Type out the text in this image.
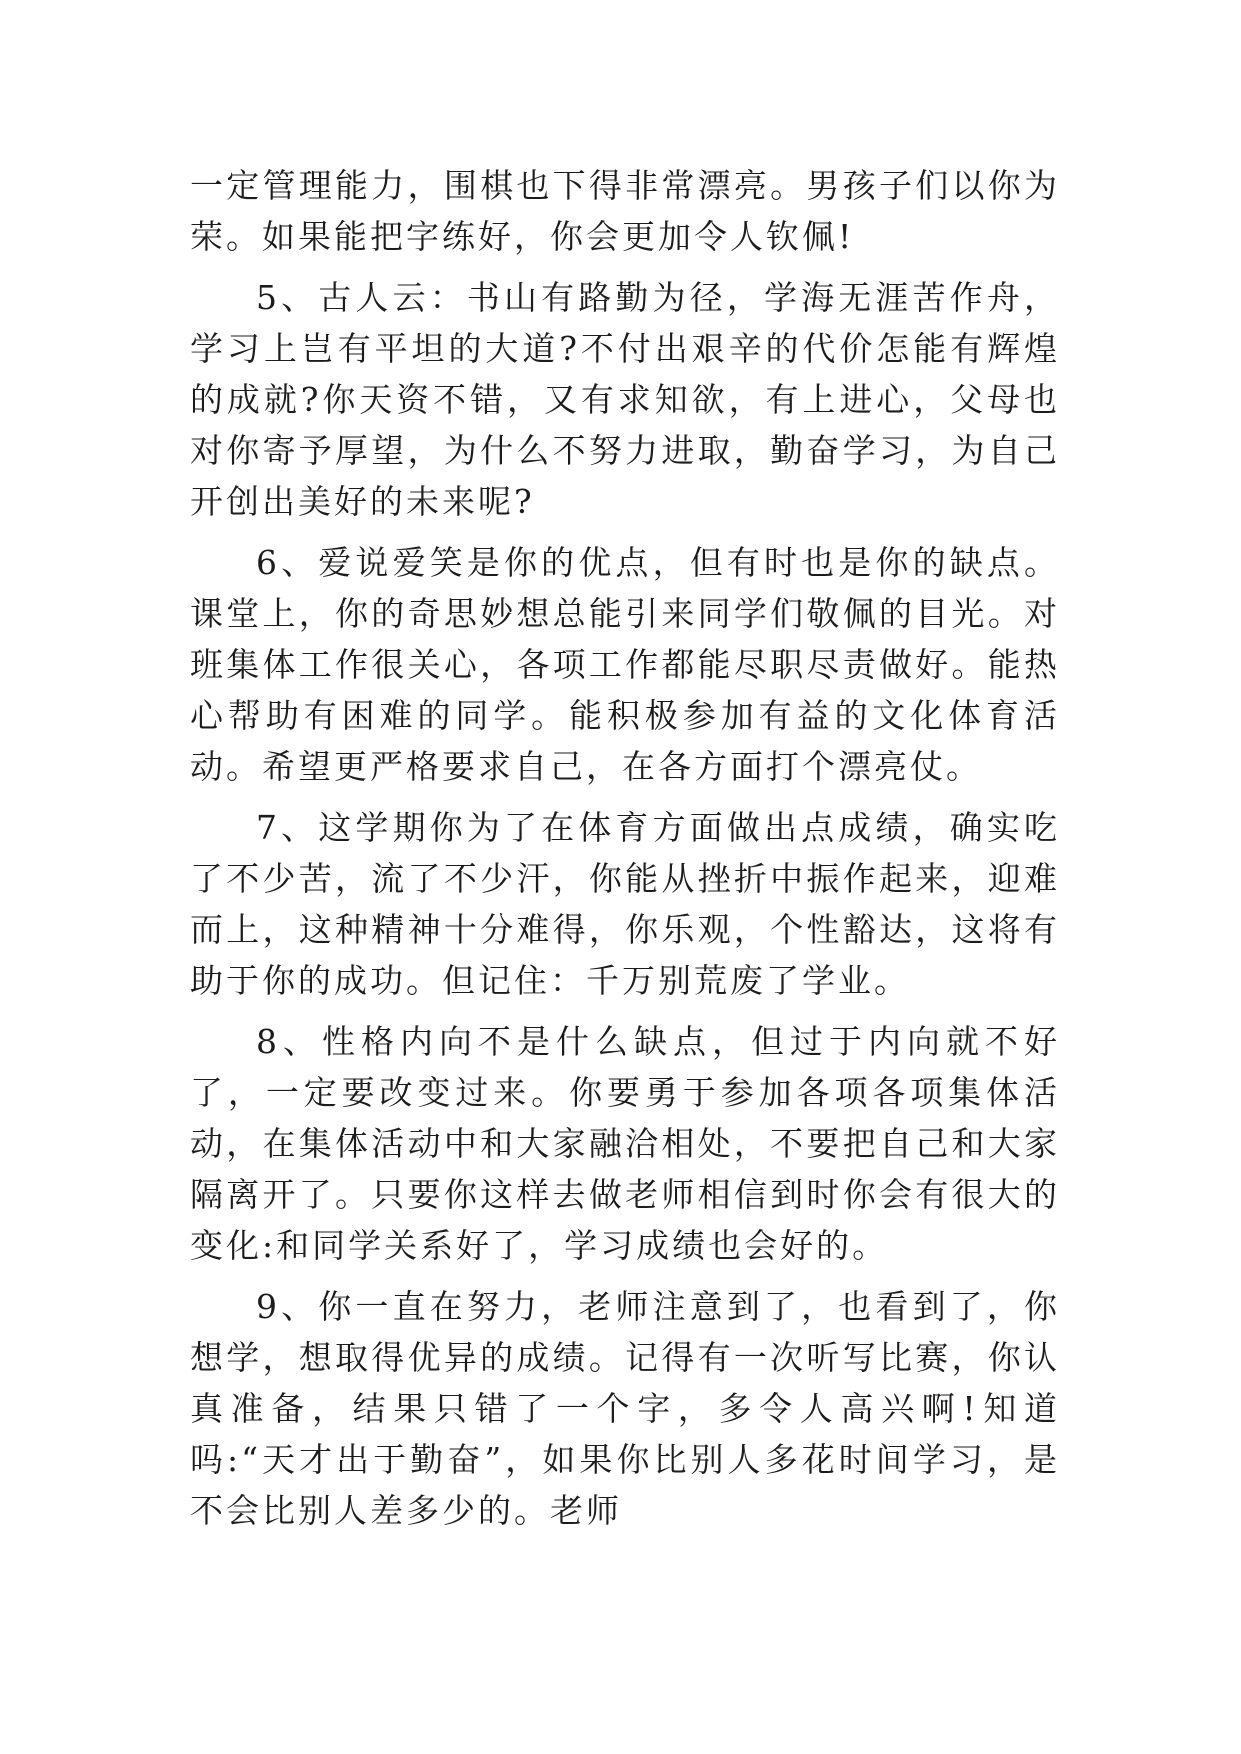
一定管理能力，围棋也下得非常漂亮。男孩子们以你为荣。如果能把字练好，你会更加令人钦佩!

5、古人云：书山有路勤为径，学海无涯苦作舟，学习上岂有平坦的大道?不付出艰辛的代价怎能有辉煌的成就?你天资不错，又有求知欲，有上进心，父母也对你寄予厚望，为什么不努力进取，勤奋学习，为自己开创出美好的未来呢?

6、爱说爱笑是你的优点，但有时也是你的缺点。课堂上，你的奇思妙想总能引来同学们敬佩的目光。对班集体工作很关心，各项工作都能尽职尽责做好。能热心帮助有困难的同学。能积极参加有益的文化体育活动。希望更严格要求自己，在各方面打个漂亮仗。

7、这学期你为了在体育方面做出点成绩，确实吃了不少苦，流了不少汗，你能从挫折中振作起来，迎难而上，这种精神十分难得，你乐观，个性豁达，这将有助于你的成功。但记住：千万别荒废了学业。

8、性格内向不是什么缺点，但过于内向就不好了，一定要改变过来。你要勇于参加各项各项集体活动，在集体活动中和大家融洽相处，不要把自己和大家隔离开了。只要你这样去做老师相信到时你会有很大的变化:和同学关系好了，学习成绩也会好的。

9、你一直在努力，老师注意到了，也看到了，你想学，想取得优异的成绩。记得有一次听写比赛，你认真准备，结果只错了一个字，多令人高兴啊!知道吗:“天才出于勤奋”，如果你比别人多花时间学习，是不会比别人差多少的。老师
